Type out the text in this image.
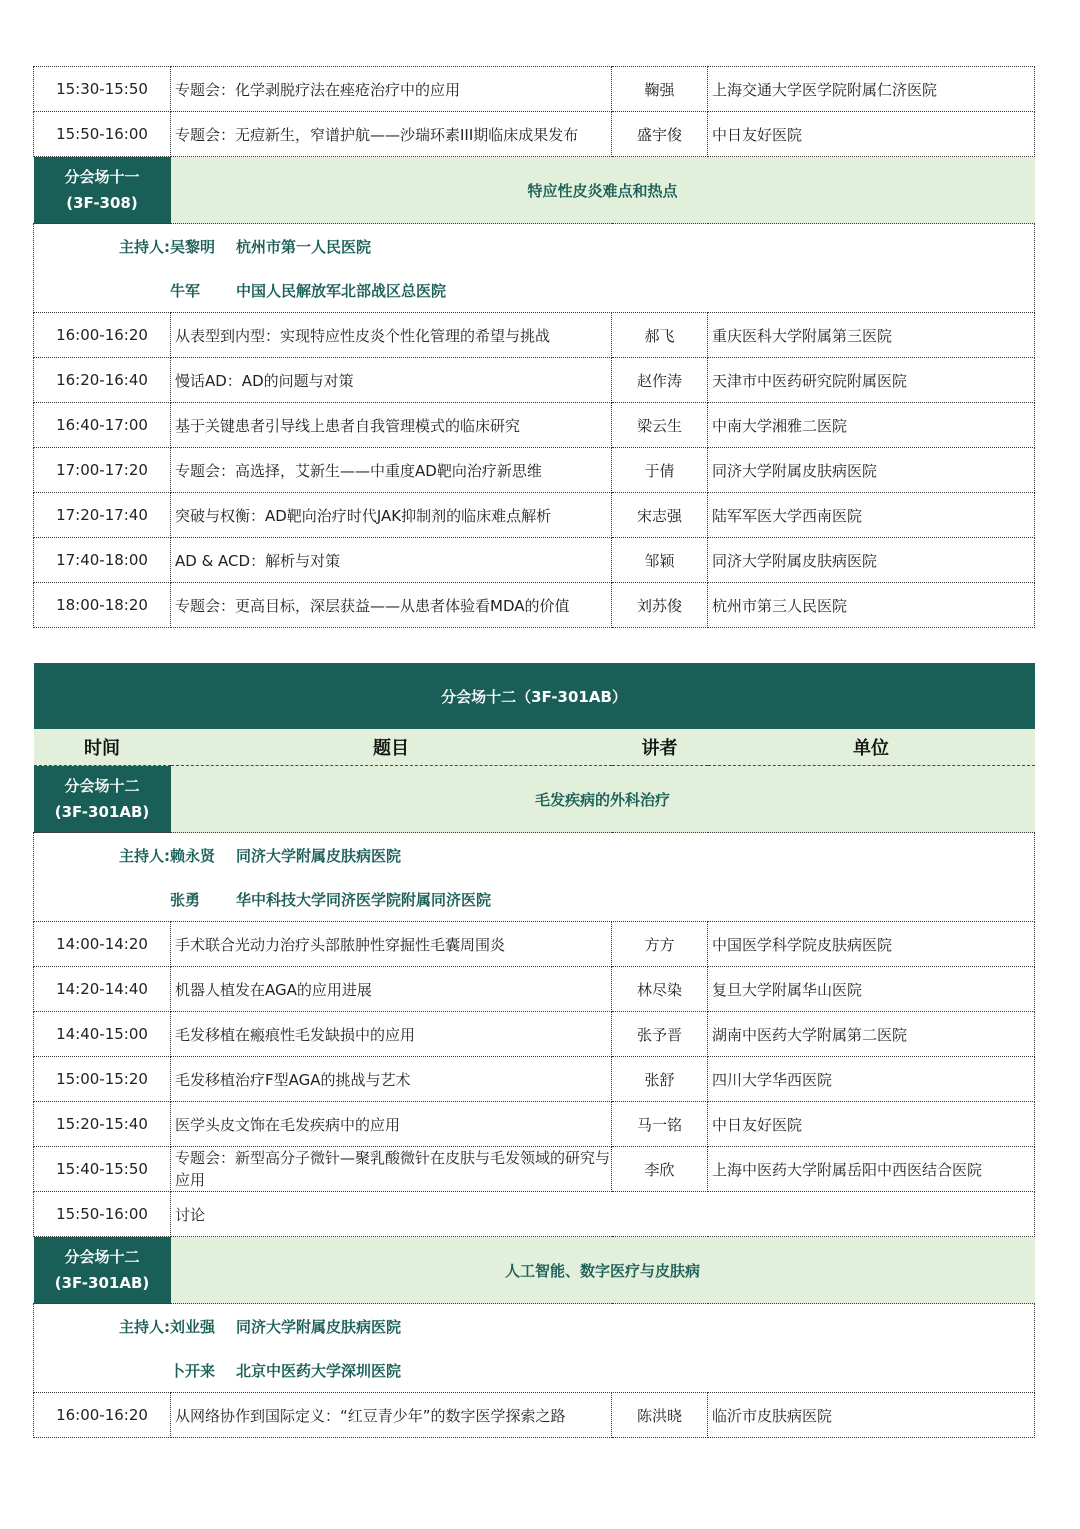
15:30-15:50	专题会：化学剥脱疗法在痤疮治疗中的应用	鞠强	上海交通大学医学院附属仁济医院
15:50-16:00	专题会：无痘新生，窄谱护航——沙瑞环素III期临床成果发布	盛宇俊	中日友好医院

分会场十一
(3F-308)	特应性皮炎难点和热点		

主持人: 吴黎明 杭州市第一人民医院
牛军 中国人民解放军北部战区总医院			

16:00-16:20	从表型到内型：实现特应性皮炎个性化管理的希望与挑战	郝飞	重庆医科大学附属第三医院
16:20-16:40	慢话AD：AD的问题与对策	赵作涛	天津市中医药研究院附属医院
16:40-17:00	基于关键患者引导线上患者自我管理模式的临床研究	梁云生	中南大学湘雅二医院
17:00-17:20	专题会：高选择，艾新生——中重度AD靶向治疗新思维	于倩	同济大学附属皮肤病医院
17:20-17:40	突破与权衡：AD靶向治疗时代JAK抑制剂的临床难点解析	宋志强	陆军军医大学西南医院
17:40-18:00	AD & ACD：解析与对策	邹颖	同济大学附属皮肤病医院
18:00-18:20	专题会：更高目标，深层获益——从患者体验看MDA的价值	刘苏俊	杭州市第三人民医院
分会场十二（3F-301AB）			
时间	题目	讲者	单位

分会场十二
(3F-301AB)	毛发疾病的外科治疗		

主持人: 赖永贤 同济大学附属皮肤病医院
张勇 华中科技大学同济医学院附属同济医院			

14:00-14:20	手术联合光动力治疗头部脓肿性穿掘性毛囊周围炎	方方	中国医学科学院皮肤病医院
14:20-14:40	机器人植发在AGA的应用进展	林尽染	复旦大学附属华山医院
14:40-15:00	毛发移植在瘢痕性毛发缺损中的应用	张予晋	湖南中医药大学附属第二医院
15:00-15:20	毛发移植治疗F型AGA的挑战与艺术	张舒	四川大学华西医院
15:20-15:40	医学头皮文饰在毛发疾病中的应用	马一铭	中日友好医院
15:40-15:50	专题会：新型高分子微针—聚乳酸微针在皮肤与毛发领域的研究与应用	李欣	上海中医药大学附属岳阳中西医结合医院
15:50-16:00	讨论		

分会场十二
(3F-301AB)	人工智能、数字医疗与皮肤病		

主持人: 刘业强 同济大学附属皮肤病医院
卜开来 北京中医药大学深圳医院			

16:00-16:20	从网络协作到国际定义：“红豆青少年”的数字医学探索之路	陈洪晓	临沂市皮肤病医院
